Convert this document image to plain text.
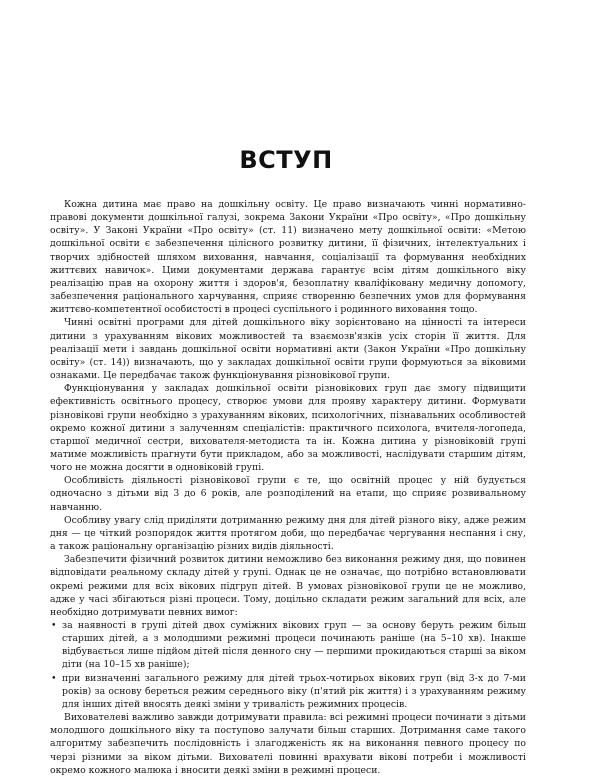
ВСТУП

Кожна дитина має право на дошкільну освіту. Це право визначають чинні нормативно-правові документи дошкільної галузі, зокрема Закони України «Про освіту», «Про дошкільну освіту». У Законі України «Про освіту» (ст. 11) визначено мету дошкільної освіти: «Метою дошкільної освіти є забезпечення цілісного розвитку дитини, її фізичних, інтелектуальних і творчих здібностей шляхом виховання, навчання, соціалізації та формування необхідних життєвих навичок». Цими документами держава гарантує всім дітям дошкільного віку реалізацію прав на охорону життя і здоров'я, безоплатну кваліфіковану медичну допомогу, забезпечення раціонального харчування, сприяє створенню безпечних умов для формування життєво-компетентної особистості в процесі суспільного і родинного виховання тощо.

Чинні освітні програми для дітей дошкільного віку зорієнтовано на цінності та інтереси дитини з урахуванням вікових можливостей та взаємозв'язків усіх сторін її життя. Для реалізації мети і завдань дошкільної освіти нормативні акти (Закон України «Про дошкільну освіту» (ст. 14)) визначають, що у закладах дошкільної освіти групи формуються за віковими ознаками. Це передбачає також функціонування різновікової групи.

Функціонування у закладах дошкільної освіти різновікових груп дає змогу підвищити ефективність освітнього процесу, створює умови для прояву характеру дитини. Формувати різновікові групи необхідно з урахуванням вікових, психологічних, пізнавальних особливостей окремо кожної дитини з залученням спеціалістів: практичного психолога, вчителя-логопеда, старшої медичної сестри, вихователя-методиста та ін. Кожна дитина у різновіковій групі матиме можливість прагнути бути прикладом, або за можливості, наслідувати старшим дітям, чого не можна досягти в одновіковій групі.

Особливість діяльності різновікової групи є те, що освітній процес у ній будується одночасно з дітьми від 3 до 6 років, але розподілений на етапи, що сприяє розвивальному навчанню.

Особливу увагу слід приділяти дотриманню режиму дня для дітей різного віку, адже режим дня — це чіткий розпорядок життя протягом доби, що передбачає чергування неспання і сну, а також раціональну організацію різних видів діяльності.

Забезпечити фізичний розвиток дитини неможливо без виконання режиму дня, що повинен відповідати реальному складу дітей у групі. Однак це не означає, що потрібно встановлювати окремі режими для всіх вікових підгруп дітей. В умовах різновікової групи це не можливо, адже у часі збігаються різні процеси. Тому, доцільно складати режим загальний для всіх, але необхідно дотримувати певних вимог:

• за наявності в групі дітей двох суміжних вікових груп — за основу беруть режим більш старших дітей, а з молодшими режимні процеси починають раніше (на 5–10 хв). Інакше відбувається лише підйом дітей після денного сну — першими прокидаються старші за віком діти (на 10–15 хв раніше);
• при визначенні загального режиму для дітей трьох-чотирьох вікових груп (від 3-х до 7-ми років) за основу береться режим середнього віку (п'ятий рік життя) і з урахуванням режиму для інших дітей вносять деякі зміни у тривалість режимних процесів.

Вихователеві важливо завжди дотримувати правила: всі режимні процеси починати з дітьми молодшого дошкільного віку та поступово залучати більш старших. Дотримання саме такого алгоритму забезпечить послідовність і злагодженість як на виконання певного процесу по черзі різними за віком дітьми. Вихователі повинні врахувати вікові потреби і можливості окремо кожного малюка і вносити деякі зміни в режимні процеси.
